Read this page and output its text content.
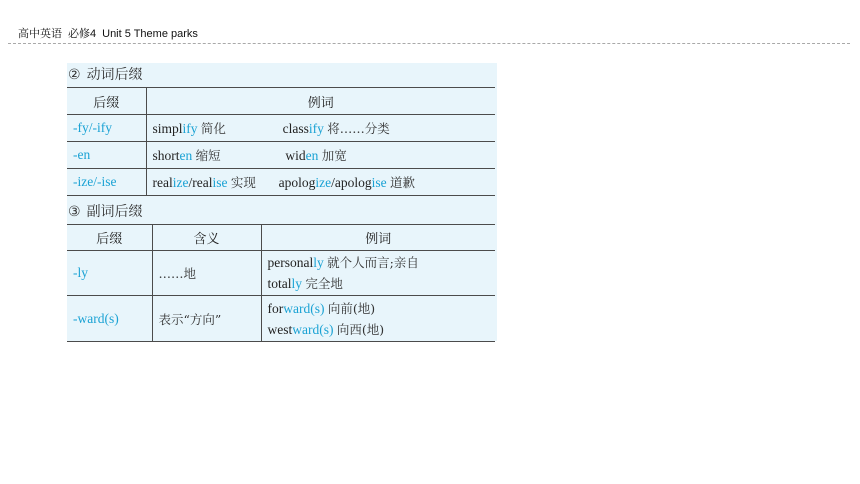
高中英语 必修4 Unit 5 Theme parks
② 动词后缀
后缀	例词
-fy/-ify	simplify 简化 classify 将……分类
-en	shorten 缩短 widen 加宽
-ize/-ise	realize/realise 实现 apologize/apologise 道歉
③ 副词后缀
后缀	含义	例词
-ly	……地	personally 就个人而言;亲自
totally 完全地

-ward(s)	表示“方向”	forward(s) 向前(地)
westward(s) 向西(地)
